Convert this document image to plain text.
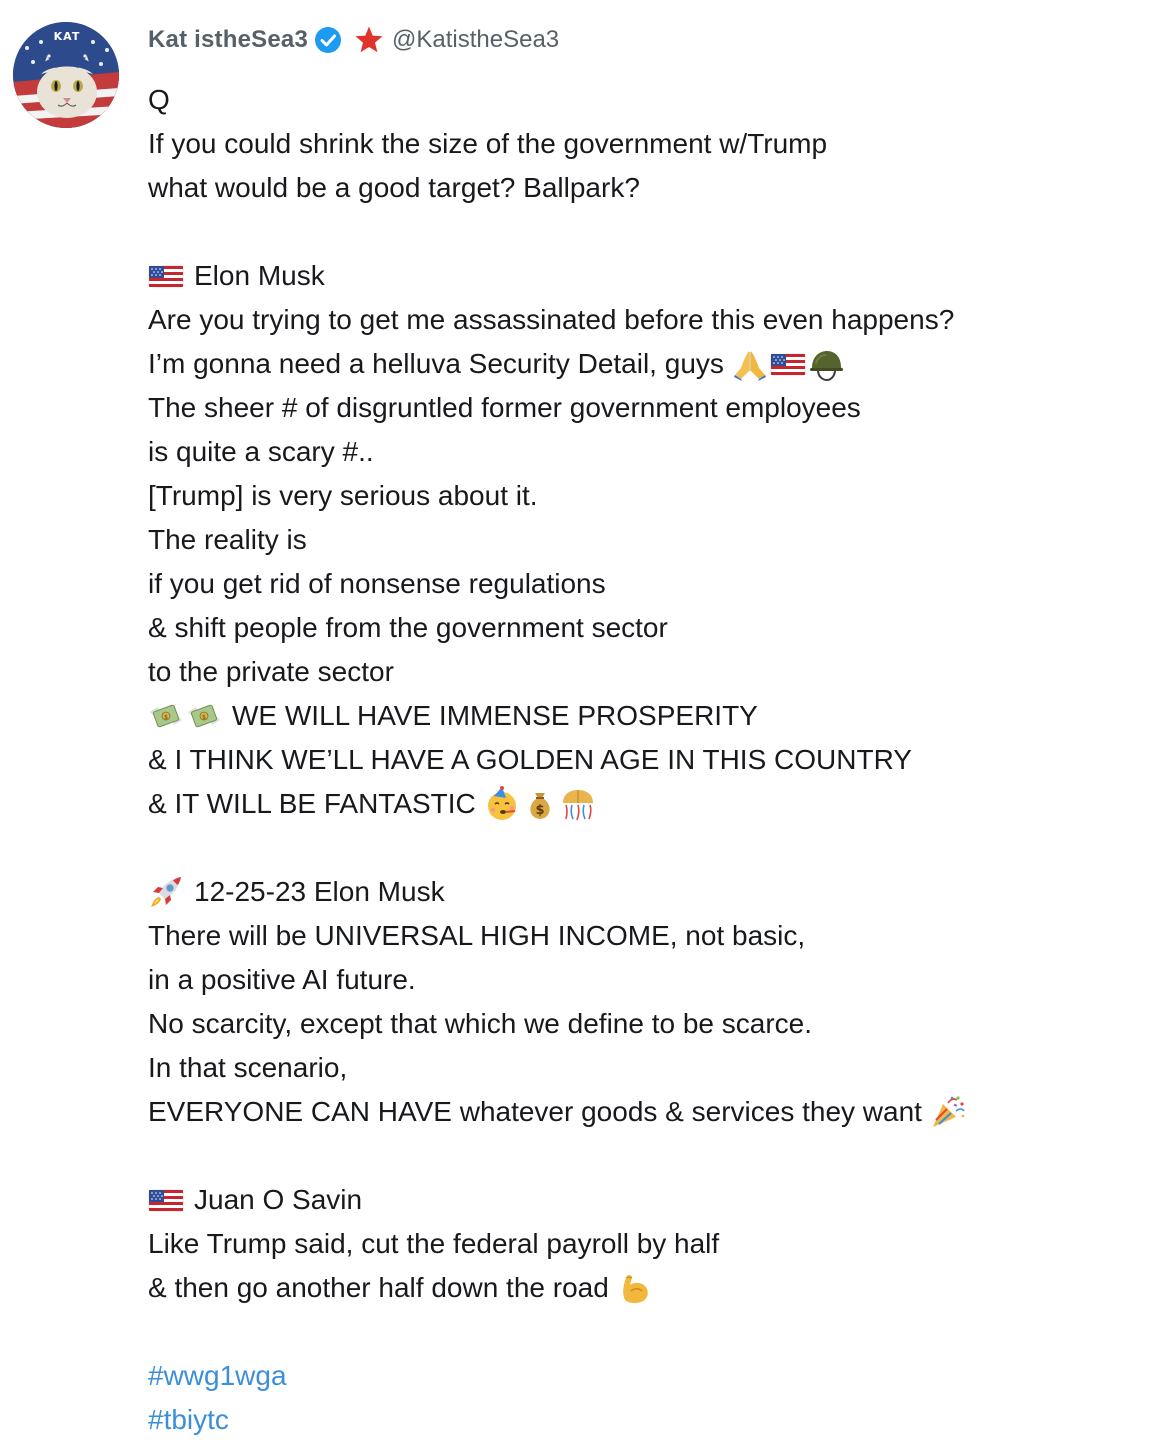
KAT	Kat istheSea3	@KatistheSea3
Q
If you could shrink the size of the government w/Trump
what would be a good target? Ballpark?
Elon Musk
Are you trying to get me assassinated before this even happens?
I’m gonna need a helluva Security Detail, guys
The sheer # of disgruntled former government employees
is quite a scary #..
[Trump] is very serious about it.
The reality is
if you get rid of nonsense regulations
& shift people from the government sector
to the private sector
WE WILL HAVE IMMENSE PROSPERITY
& I THINK WE’LL HAVE A GOLDEN AGE IN THIS COUNTRY
& IT WILL BE FANTASTIC
12-25-23 Elon Musk
There will be UNIVERSAL HIGH INCOME, not basic,
in a positive AI future.
No scarcity, except that which we define to be scarce.
In that scenario,
EVERYONE CAN HAVE whatever goods & services they want
Juan O Savin
Like Trump said, cut the federal payroll by half
& then go another half down the road
#wwg1wga
#tbiytc
